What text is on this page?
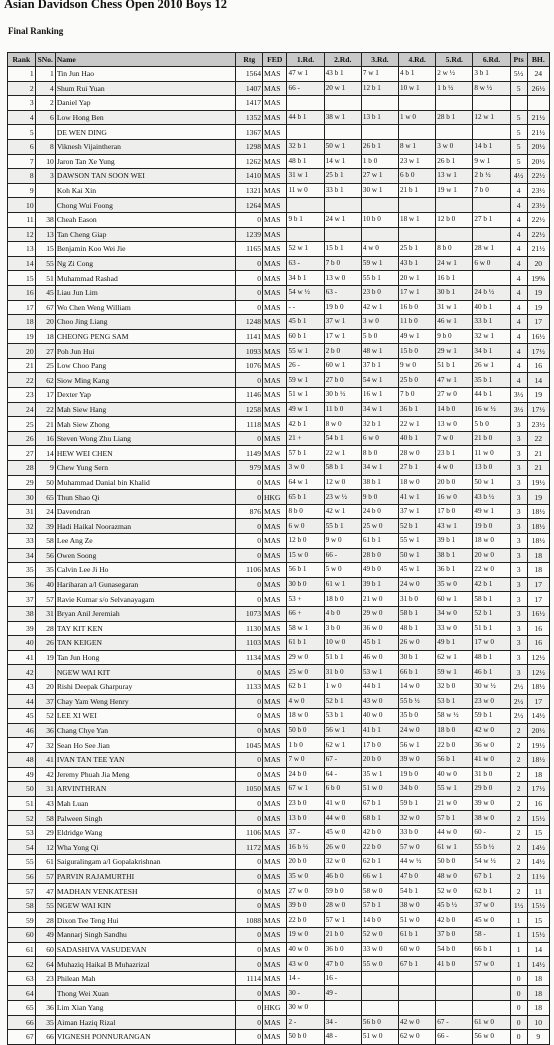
Asian Davidson Chess Open 2010 Boys 12
Final Ranking
Rank	SNo.	Name	Rtg	FED	1.Rd.	2.Rd.	3.Rd.	4.Rd.	5.Rd.	6.Rd.	Pts	BH.
1	1	Tin Jun Hao	1564	MAS	47 w 1	43 b 1	7 w 1	4 b 1	2 w ½	3 b 1	5½	24
2	4	Shum Rui Yuan	1407	MAS	66 -	20 w 1	12 b 1	10 w 1	1 b ½	8 w ½	5	26½
3	2	Daniel Yap	1417	MAS								
4	6	Low Hong Ben	1352	MAS	44 b 1	38 w 1	13 b 1	1 w 0	28 b 1	12 w 1	5	21½
5		DE WEN DING	1367	MAS							5	21½
6	8	Viknesh Vijaintheran	1298	MAS	32 b 1	50 w 1	26 b 1	8 w 1	3 w 0	14 b 1	5	20½
7	10	Jaron Tan Xe Yung	1262	MAS	48 b 1	14 w 1	1 b 0	23 w 1	26 b 1	9 w 1	5	20½
8	3	DAWSON TAN SOON WEI	1410	MAS	31 w 1	25 b 1	27 w 1	6 b 0	13 w 1	2 b ½	4½	22½
9		Koh Kai Xin	1321	MAS	11 w 0	33 b 1	30 w 1	21 b 1	19 w 1	7 b 0	4	23½
10		Chong Wui Foong	1264	MAS							4	23½
11	38	Cheah Eason	0	MAS	9 b 1	24 w 1	10 b 0	18 w 1	12 b 0	27 b 1	4	22½
12	13	Tan Cheng Giap	1239	MAS							4	22½
13	15	Benjamin Koo Wei Jie	1165	MAS	52 w 1	15 b 1	4 w 0	25 b 1	8 b 0	28 w 1	4	21½
14	55	Ng Zi Cong	0	MAS	63 -	7 b 0	59 w 1	43 b 1	24 w 1	6 w 0	4	20
15	51	Muhammad Rashad	0	MAS	34 b 1	13 w 0	55 b 1	20 w 1	16 b 1		4	19%
16	45	Liau Jun Lim	0	MAS	54 w ½	63 -	23 b 0	17 w 1	30 b 1	24 b ½	4	19
17	67	Wo Chen Weng William	0	MAS	- -	19 b 0	42 w 1	16 b 0	31 w 1	40 b 1	4	19
18	20	Choo Jing Liang	1248	MAS	45 b 1	37 w 1	3 w 0	11 b 0	46 w 1	33 b 1	4	17
19	18	CHEONG PENG SAM	1141	MAS	60 b 1	17 w 1	5 b 0	49 w 1	9 b 0	32 w 1	4	16½
20	27	Poh Jun Hui	1093	MAS	55 w 1	2 b 0	48 w 1	15 b 0	29 w 1	34 b 1	4	17½
21	25	Low Choo Pang	1076	MAS	26 -	60 w 1	37 b 1	9 w 0	51 b 1	26 w 1	4	16
22	62	Siow Ming Kang	0	MAS	59 w 1	27 b 0	54 w 1	25 b 0	47 w 1	35 b 1	4	14
23	17	Dexter Yap	1146	MAS	51 w 1	30 b ½	16 w 1	7 b 0	27 w 0	44 b 1	3½	19
24	22	Mah Siew Hang	1258	MAS	49 w 1	11 b 0	34 w 1	36 b 1	14 b 0	16 w ½	3½	17½
25	21	Mah Siew Zhong	1118	MAS	42 b 1	8 w 0	32 b 1	22 w 1	13 w 0	5 b 0	3	23½
26	16	Steven Wong Zhu Liang	0	MAS	21 +	54 b 1	6 w 0	40 b 1	7 w 0	21 b 0	3	22
27	14	HEW WEI CHEN	1149	MAS	57 b 1	22 w 1	8 b 0	28 w 0	23 b 1	11 w 0	3	21
28	9	Chew Yung Sern	979	MAS	3 w 0	58 b 1	34 w 1	27 b 1	4 w 0	13 b 0	3	21
29	50	Muhammad Danial bin Khalid	0	MAS	64 w 1	12 w 0	38 b 1	18 w 0	20 b 0	50 w 1	3	19½
30	65	Thun Shao Qi	0	HKG	65 b 1	23 w ½	9 b 0	41 w 1	16 w 0	43 b ½	3	19
31	24	Davendran	876	MAS	8 b 0	42 w 1	24 b 0	37 w 1	17 b 0	49 w 1	3	18½
32	39	Hadi Haikal Noorazman	0	MAS	6 w 0	55 b 1	25 w 0	52 b 1	43 w 1	19 b 0	3	18½
33	58	Lee Ang Ze	0	MAS	12 b 0	9 w 0	61 b 1	55 w 1	39 b 1	18 w 0	3	18½
34	56	Owen Soong	0	MAS	15 w 0	66 -	28 b 0	50 w 1	38 b 1	20 w 0	3	18
35	35	Calvin Lee Ji Ho	1106	MAS	56 b 1	5 w 0	49 b 0	45 w 1	36 b 1	22 w 0	3	18
36	40	Hariharan a/l Gunasegaran	0	MAS	30 b 0	61 w 1	39 b 1	24 w 0	35 w 0	42 b 1	3	17
37	57	Ravie Kumar s/o Selvanayagam	0	MAS	53 +	18 b 0	21 w 0	31 b 0	60 w 1	58 b 1	3	17
38	31	Bryan Anil Jeremiah	1073	MAS	66 +	4 b 0	29 w 0	58 b 1	34 w 0	52 b 1	3	16½
39	28	TAY KIT KEN	1130	MAS	58 w 1	3 b 0	36 w 0	48 b 1	33 w 0	51 b 1	3	16
40	26	TAN KEIGEN	1103	MAS	61 b 1	10 w 0	45 b 1	26 w 0	49 b 1	17 w 0	3	16
41	19	Tan Jun Hong	1134	MAS	29 w 0	51 b 1	46 w 0	30 b 1	62 w 1	48 b 1	3	12½
42		NGEW WAI KIT	0	MAS	25 w 0	31 b 0	53 w 1	66 b 1	59 w 1	46 b 1	3	12½
43	20	Rishi Deepak Gharpuray	1133	MAS	62 b 1	1 w 0	44 b 1	14 w 0	32 b 0	30 w ½	2½	18½
44	37	Chay Yam Weng Henry	0	MAS	4 w 0	52 b 1	43 w 0	55 b ½	53 b 1	23 w 0	2½	17
45	52	LEE XI WEI	0	MAS	18 w 0	53 b 1	40 w 0	35 b 0	58 w ½	59 b 1	2½	14½
46	36	Chang Chye Yan	0	MAS	50 b 0	56 w 1	41 b 1	24 w 0	18 b 0	42 w 0	2	20½
47	32	Sean Ho See Jian	1045	MAS	1 b 0	62 w 1	17 b 0	56 w 1	22 b 0	36 w 0	2	19½
48	41	IVAN TAN TEE YAN	0	MAS	7 w 0	67 -	20 b 0	39 w 0	56 b 1	41 w 0	2	18½
49	42	Jeremy Phuah Jia Meng	0	MAS	24 b 0	64 -	35 w 1	19 b 0	40 w 0	31 b 0	2	18
50	31	ARVINTHRAN	1050	MAS	67 w 1	6 b 0	51 w 0	34 b 0	55 w 1	29 b 0	2	17½
51	43	Mah Luan	0	MAS	23 b 0	41 w 0	67 b 1	59 b 1	21 w 0	39 w 0	2	16
52	58	Palween Singh	0	MAS	13 b 0	44 w 0	68 b 1	32 w 0	57 b 1	38 w 0	2	15½
53	29	Eldridge Wang	1106	MAS	37 -	45 w 0	42 b 0	33 b 0	44 w 0	60 -	2	15
54	12	Wha Yong Qi	1172	MAS	16 b ½	26 w 0	22 b 0	57 w 0	61 w 1	55 b ½	2	14½
55	61	Saiguralingam a/l Gopalakrishnan	0	MAS	20 b 0	32 w 0	62 b 1	44 w ½	50 b 0	54 w ½	2	14½
56	57	PARVIN RAJAMURTHI	0	MAS	35 w 0	46 b 0	66 w 1	47 b 0	48 w 0	67 b 1	2	11½
57	47	MADHAN VENKATESH	0	MAS	27 w 0	59 b 0	58 w 0	54 b 1	52 w 0	62 b 1	2	11
58	55	NGEW WAI KIN	0	MAS	39 b 0	28 w 0	57 b 1	38 w 0	45 b ½	37 w 0	1½	15½
59	28	Dixon Tee Teng Hui	1088	MAS	22 b 0	57 w 1	14 b 0	51 w 0	42 b 0	45 w 0	1	15
60	49	Mannarj Singh Sandhu	0	MAS	19 w 0	21 b 0	52 w 0	61 b 1	37 b 0	58 -	1	15½
61	60	SADASHIVA VASUDEVAN	0	MAS	40 w 0	36 b 0	33 w 0	60 w 0	54 b 0	66 b 1	1	14
62	64	Muhaziq Haikal B Muhazrizal	0	MAS	43 w 0	47 b 0	55 w 0	67 b 1	41 b 0	57 w 0	1	14½
63	23	Philean Mah	1114	MAS	14 -	16 -					0	18
64		Thong Wei Xuan	0	MAS	30 -	49 -					0	18
65	36	Lim Xian Yang	0	HKG	30 w 0						0	18
66	35	Aiman Haziq Rizal	0	MAS	2 -	34 -	56 b 0	42 w 0	67 -	61 w 0	0	10
67	66	VIGNESH PONNURANGAN	0	MAS	50 b 0	48 -	51 w 0	62 w 0	66 -	56 w 0	0	9
